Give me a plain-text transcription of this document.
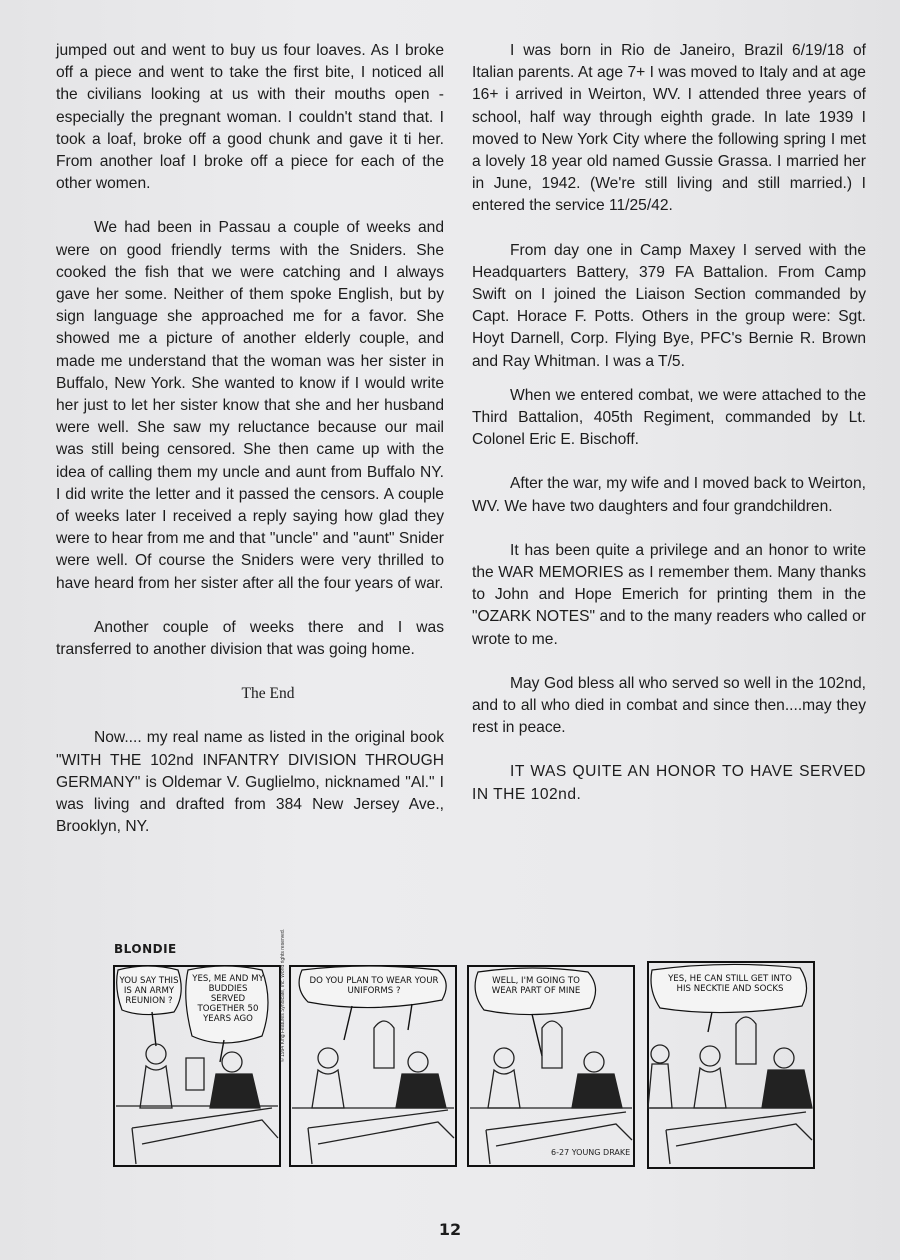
jumped out and went to buy us four loaves. As I broke off a piece and went to take the first bite, I noticed all the civilians looking at us with their mouths open - especially the pregnant woman. I couldn't stand that. I took a loaf, broke off a good chunk and gave it ti her. From another loaf I broke off a piece for each of the other women.

We had been in Passau a couple of weeks and were on good friendly terms with the Sniders. She cooked the fish that we were catching and I always gave her some. Neither of them spoke English, but by sign language she approached me for a favor. She showed me a picture of another elderly couple, and made me understand that the woman was her sister in Buffalo, New York. She wanted to know if I would write her just to let her sister know that she and her husband were well. She saw my reluctance because our mail was still being censored. She then came up with the idea of calling them my uncle and aunt from Buffalo NY. I did write the letter and it passed the censors. A couple of weeks later I received a reply saying how glad they were to hear from me and that "uncle" and "aunt" Snider were well. Of course the Sniders were very thrilled to have heard from her sister after all the four years of war.

Another couple of weeks there and I was transferred to another division that was going home.

The End

Now.... my real name as listed in the original book "WITH THE 102nd INFANTRY DIVISION THROUGH GERMANY" is Oldemar V. Guglielmo, nicknamed "Al." I was living and drafted from 384 New Jersey Ave., Brooklyn, NY.

I was born in Rio de Janeiro, Brazil 6/19/18 of Italian parents. At age 7+ I was moved to Italy and at age 16+ i arrived in Weirton, WV. I attended three years of school, half way through eighth grade. In late 1939 I moved to New York City where the following spring I met a lovely 18 year old named Gussie Grassa. I married her in June, 1942. (We're still living and still married.) I entered the service 11/25/42.

From day one in Camp Maxey I served with the Headquarters Battery, 379 FA Battalion. From Camp Swift on I joined the Liaison Section commanded by Capt. Horace F. Potts. Others in the group were: Sgt. Hoyt Darnell, Corp. Flying Bye, PFC's Bernie R. Brown and Ray Whitman. I was a T/5.

When we entered combat, we were attached to the Third Battalion, 405th Regiment, commanded by Lt. Colonel Eric E. Bischoff.

After the war, my wife and I moved back to Weirton, WV. We have two daughters and four grandchildren.

It has been quite a privilege and an honor to write the WAR MEMORIES as I remember them. Many thanks to John and Hope Emerich for printing them in the "OZARK NOTES" and to the many readers who called or wrote to me.

May God bless all who served so well in the 102nd, and to all who died in combat and since then....may they rest in peace.

IT WAS QUITE AN HONOR TO HAVE SERVED IN THE 102nd.

BLONDIE
YOU SAY THIS IS AN ARMY REUNION ?
YES, ME AND MY BUDDIES SERVED TOGETHER 50 YEARS AGO
DO YOU PLAN TO WEAR YOUR UNIFORMS ?
WELL, I'M GOING TO WEAR PART OF MINE
YES, HE CAN STILL GET INTO HIS NECKTIE AND SOCKS
© 1994 King Features Syndicate, Inc. World rights reserved.
6-27 YOUNG DRAKE
12
